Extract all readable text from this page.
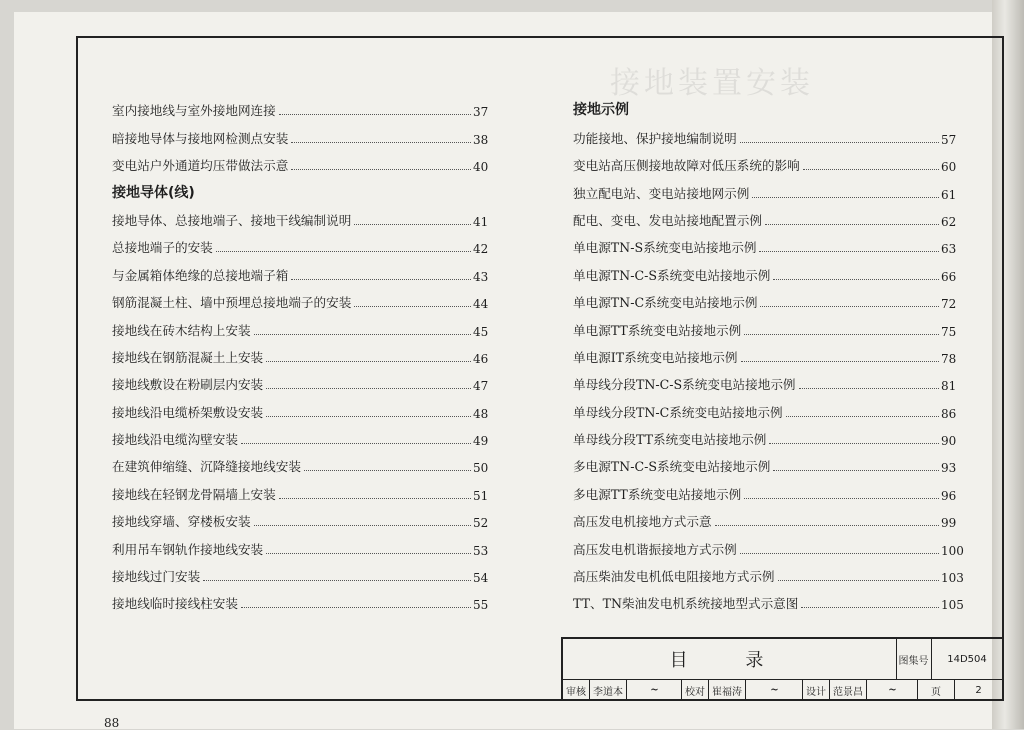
接地装置安装
室内接地线与室外接地网连接	37
暗接地导体与接地网检测点安装	38
变电站户外通道均压带做法示意	40
接地导体(线)
接地导体、总接地端子、接地干线编制说明	41
总接地端子的安装	42
与金属箱体绝缘的总接地端子箱	43
钢筋混凝土柱、墙中预埋总接地端子的安装	44
接地线在砖木结构上安装	45
接地线在钢筋混凝土上安装	46
接地线敷设在粉刷层内安装	47
接地线沿电缆桥架敷设安装	48
接地线沿电缆沟壁安装	49
在建筑伸缩缝、沉降缝接地线安装	50
接地线在轻钢龙骨隔墙上安装	51
接地线穿墙、穿楼板安装	52
利用吊车钢轨作接地线安装	53
接地线过门安装	54
接地线临时接线柱安装	55
接地示例
功能接地、保护接地编制说明	57
变电站高压侧接地故障对低压系统的影响	60
独立配电站、变电站接地网示例	61
配电、变电、发电站接地配置示例	62
单电源TN-S系统变电站接地示例	63
单电源TN-C-S系统变电站接地示例	66
单电源TN-C系统变电站接地示例	72
单电源TT系统变电站接地示例	75
单电源IT系统变电站接地示例	78
单母线分段TN-C-S系统变电站接地示例	81
单母线分段TN-C系统变电站接地示例	86
单母线分段TT系统变电站接地示例	90
多电源TN-C-S系统变电站接地示例	93
多电源TT系统变电站接地示例	96
高压发电机接地方式示意	99
高压发电机谐振接地方式示例	100
高压柴油发电机低电阻接地方式示例	103
TT、TN柴油发电机系统接地型式示意图	105
目 录	图集号	14D504
审核 李道本	~	校对 崔福涛	~	设计 范景昌	~	页	2
88
